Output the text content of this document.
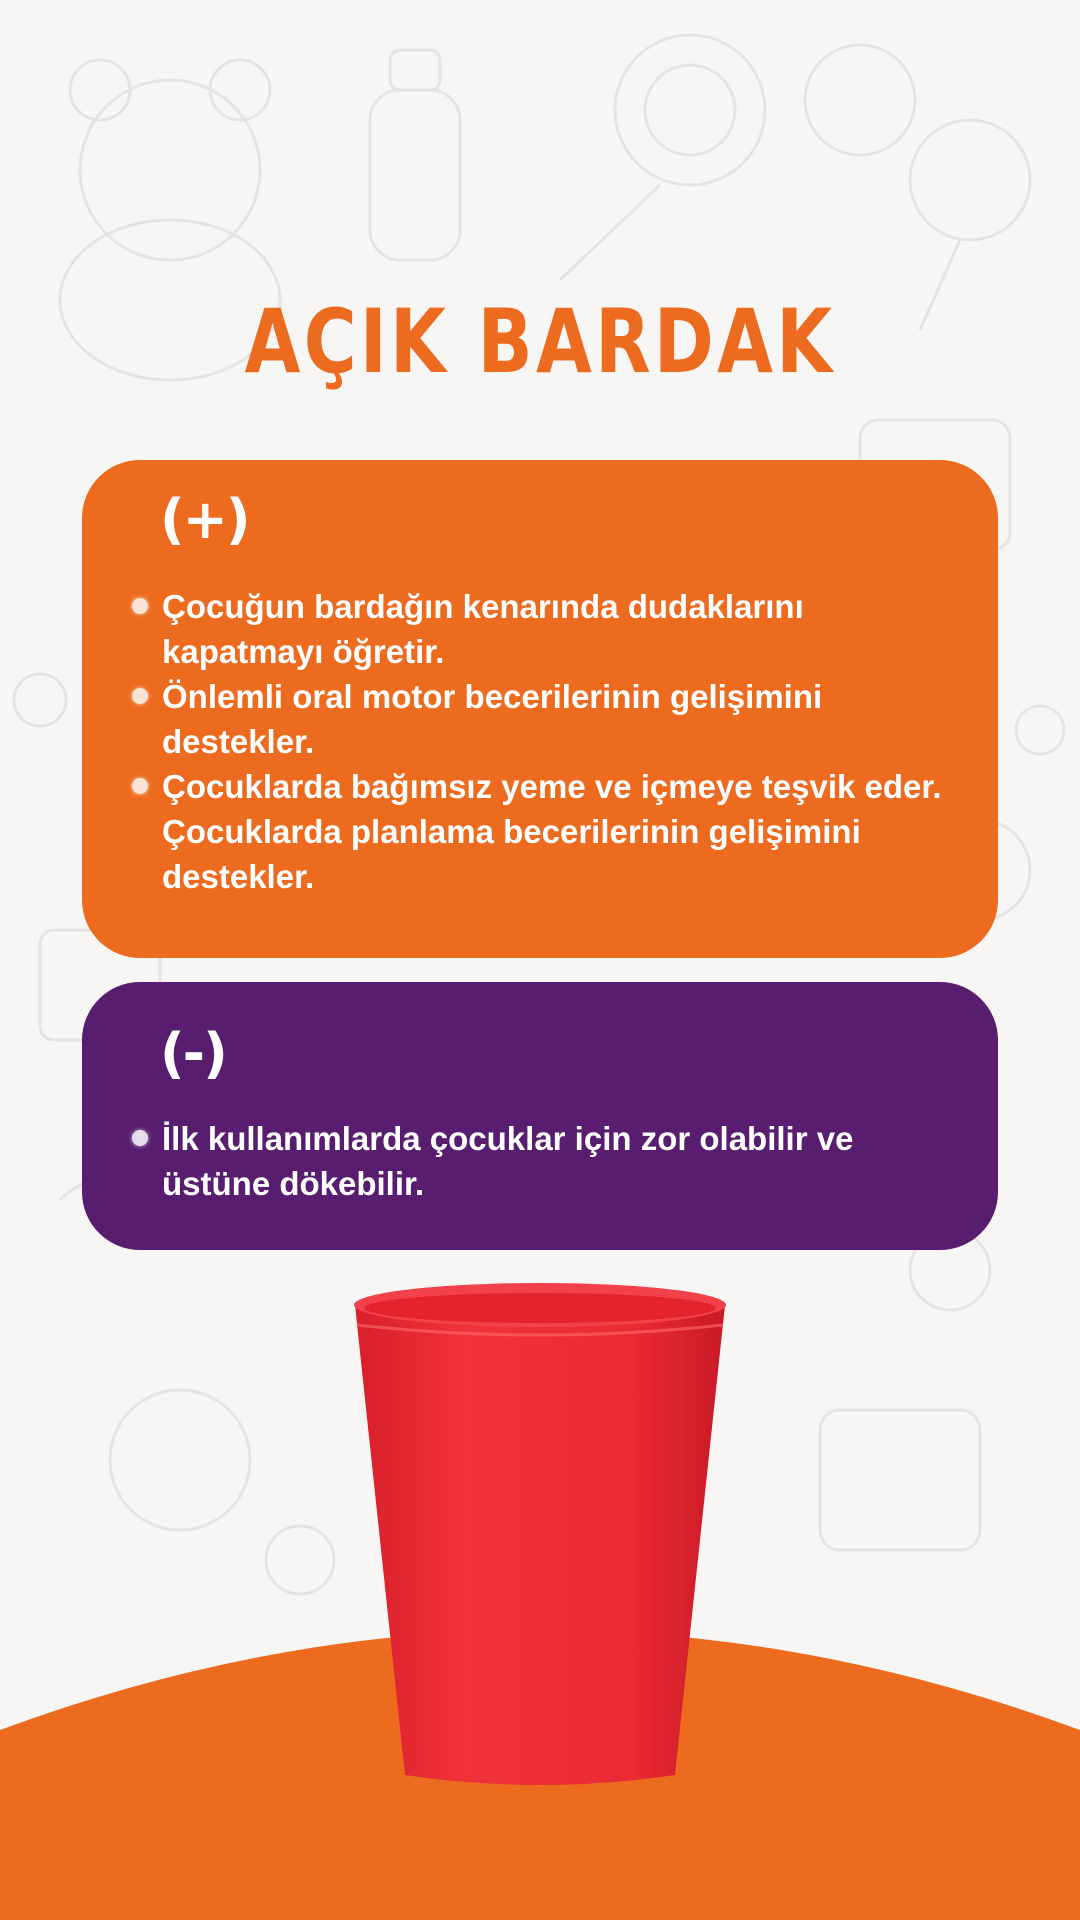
AÇIK BARDAK
(+)
Çocuğun bardağın kenarında dudaklarını kapatmayı öğretir.
Önlemli oral motor becerilerinin gelişimini destekler.
Çocuklarda bağımsız yeme ve içmeye teşvik eder.
Çocuklarda planlama becerilerinin gelişimini destekler.
(-)
İlk kullanımlarda çocuklar için zor olabilir ve üstüne dökebilir.
